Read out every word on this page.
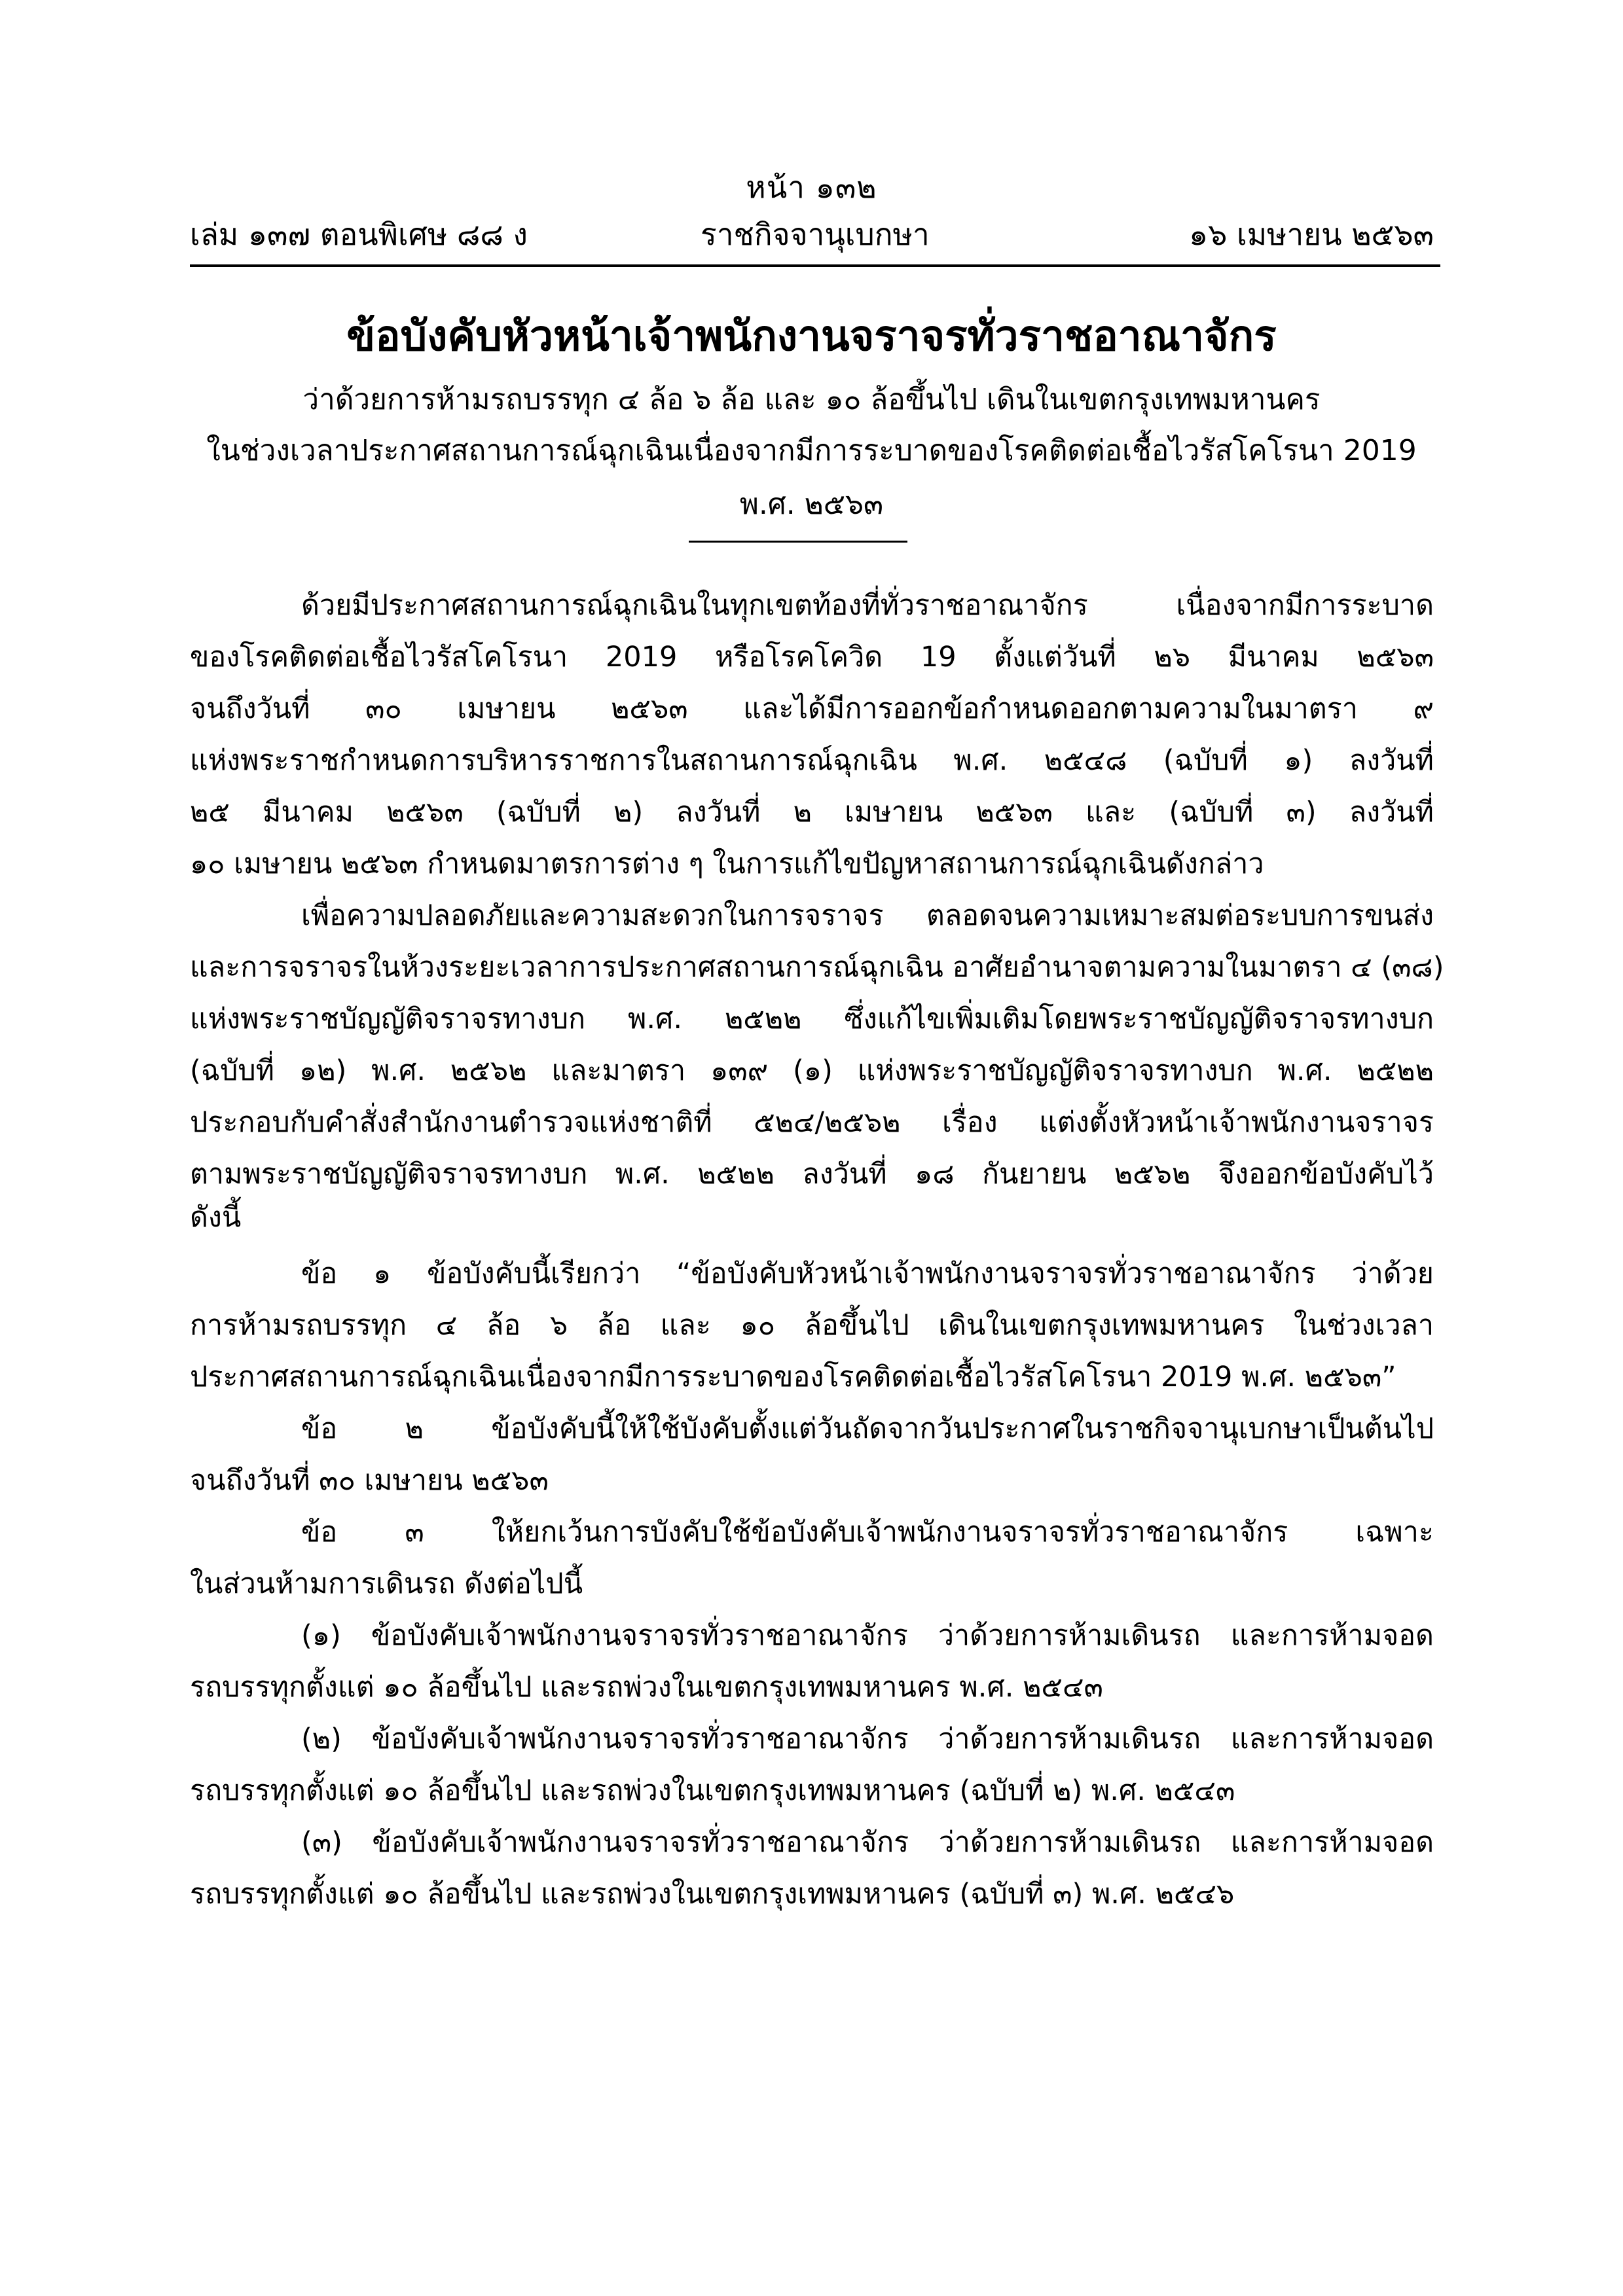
หน้า ๑๓๒
เล่ม ๑๓๗ ตอนพิเศษ ๘๘ ง	ราชกิจจานุเบกษา	๑๖ เมษายน ๒๕๖๓
ข้อบังคับหัวหน้าเจ้าพนักงานจราจรทั่วราชอาณาจักร
ว่าด้วยการห้ามรถบรรทุก ๔ ล้อ ๖ ล้อ และ ๑๐ ล้อขึ้นไป เดินในเขตกรุงเทพมหานคร
ในช่วงเวลาประกาศสถานการณ์ฉุกเฉินเนื่องจากมีการระบาดของโรคติดต่อเชื้อไวรัสโคโรนา 2019
พ.ศ. ๒๕๖๓
ด้วยมีประกาศสถานการณ์ฉุกเฉินในทุกเขตท้องที่ทั่วราชอาณาจักร เนื่องจากมีการระบาด
ของโรคติดต่อเชื้อไวรัสโคโรนา 2019 หรือโรคโควิด 19 ตั้งแต่วันที่ ๒๖ มีนาคม ๒๕๖๓
จนถึงวันที่ ๓๐ เมษายน ๒๕๖๓ และได้มีการออกข้อกำหนดออกตามความในมาตรา ๙
แห่งพระราชกำหนดการบริหารราชการในสถานการณ์ฉุกเฉิน พ.ศ. ๒๕๔๘ (ฉบับที่ ๑) ลงวันที่
๒๕ มีนาคม ๒๕๖๓ (ฉบับที่ ๒) ลงวันที่ ๒ เมษายน ๒๕๖๓ และ (ฉบับที่ ๓) ลงวันที่
๑๐ เมษายน ๒๕๖๓ กำหนดมาตรการต่าง ๆ ในการแก้ไขปัญหาสถานการณ์ฉุกเฉินดังกล่าว
เพื่อความปลอดภัยและความสะดวกในการจราจร ตลอดจนความเหมาะสมต่อระบบการขนส่ง
และการจราจรในห้วงระยะเวลาการประกาศสถานการณ์ฉุกเฉิน อาศัยอำนาจตามความในมาตรา ๔ (๓๘)
แห่งพระราชบัญญัติจราจรทางบก พ.ศ. ๒๕๒๒ ซึ่งแก้ไขเพิ่มเติมโดยพระราชบัญญัติจราจรทางบก
(ฉบับที่ ๑๒) พ.ศ. ๒๕๖๒ และมาตรา ๑๓๙ (๑) แห่งพระราชบัญญัติจราจรทางบก พ.ศ. ๒๕๒๒
ประกอบกับคำสั่งสำนักงานตำรวจแห่งชาติที่ ๕๒๔/๒๕๖๒ เรื่อง แต่งตั้งหัวหน้าเจ้าพนักงานจราจร
ตามพระราชบัญญัติจราจรทางบก พ.ศ. ๒๕๒๒ ลงวันที่ ๑๘ กันยายน ๒๕๖๒ จึงออกข้อบังคับไว้
ดังนี้
ข้อ ๑ ข้อบังคับนี้เรียกว่า “ข้อบังคับหัวหน้าเจ้าพนักงานจราจรทั่วราชอาณาจักร ว่าด้วย
การห้ามรถบรรทุก ๔ ล้อ ๖ ล้อ และ ๑๐ ล้อขึ้นไป เดินในเขตกรุงเทพมหานคร ในช่วงเวลา
ประกาศสถานการณ์ฉุกเฉินเนื่องจากมีการระบาดของโรคติดต่อเชื้อไวรัสโคโรนา 2019 พ.ศ. ๒๕๖๓”
ข้อ ๒ ข้อบังคับนี้ให้ใช้บังคับตั้งแต่วันถัดจากวันประกาศในราชกิจจานุเบกษาเป็นต้นไป
จนถึงวันที่ ๓๐ เมษายน ๒๕๖๓
ข้อ ๓ ให้ยกเว้นการบังคับใช้ข้อบังคับเจ้าพนักงานจราจรทั่วราชอาณาจักร เฉพาะ
ในส่วนห้ามการเดินรถ ดังต่อไปนี้
(๑) ข้อบังคับเจ้าพนักงานจราจรทั่วราชอาณาจักร ว่าด้วยการห้ามเดินรถ และการห้ามจอด
รถบรรทุกตั้งแต่ ๑๐ ล้อขึ้นไป และรถพ่วงในเขตกรุงเทพมหานคร พ.ศ. ๒๕๔๓
(๒) ข้อบังคับเจ้าพนักงานจราจรทั่วราชอาณาจักร ว่าด้วยการห้ามเดินรถ และการห้ามจอด
รถบรรทุกตั้งแต่ ๑๐ ล้อขึ้นไป และรถพ่วงในเขตกรุงเทพมหานคร (ฉบับที่ ๒) พ.ศ. ๒๕๔๓
(๓) ข้อบังคับเจ้าพนักงานจราจรทั่วราชอาณาจักร ว่าด้วยการห้ามเดินรถ และการห้ามจอด
รถบรรทุกตั้งแต่ ๑๐ ล้อขึ้นไป และรถพ่วงในเขตกรุงเทพมหานคร (ฉบับที่ ๓) พ.ศ. ๒๕๔๖
